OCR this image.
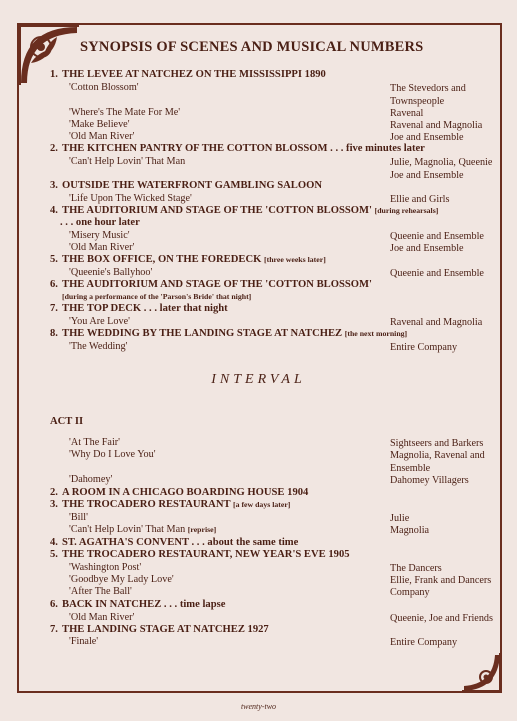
SYNOPSIS OF SCENES AND MUSICAL NUMBERS
1. THE LEVEE AT NATCHEZ ON THE MISSISSIPPI 1890
'Cotton Blossom'	The Stevedors and Townspeople
'Where's The Mate For Me'	Ravenal
'Make Believe'	Ravenal and Magnolia
'Old Man River'	Joe and Ensemble
2. THE KITCHEN PANTRY OF THE COTTON BLOSSOM . . . five minutes later
'Can't Help Lovin' That Man	Julie, Magnolia, Queenie Joe and Ensemble
3. OUTSIDE THE WATERFRONT GAMBLING SALOON
'Life Upon The Wicked Stage'	Ellie and Girls
4. THE AUDITORIUM AND STAGE OF THE 'COTTON BLOSSOM' [during rehearsals]
. . . one hour later
'Misery Music'	Queenie and Ensemble
'Old Man River'	Joe and Ensemble
5. THE BOX OFFICE, ON THE FOREDECK [three weeks later]
'Queenie's Ballyhoo'	Queenie and Ensemble
6. THE AUDITORIUM AND STAGE OF THE 'COTTON BLOSSOM'
[during a performance of the 'Parson's Bride' that night]
7. THE TOP DECK . . . later that night
'You Are Love'	Ravenal and Magnolia
8. THE WEDDING BY THE LANDING STAGE AT NATCHEZ [the next morning]
'The Wedding'	Entire Company
INTERVAL
ACT II
'At The Fair'	Sightseers and Barkers
'Why Do I Love You'	Magnolia, Ravenal and Ensemble
'Dahomey'	Dahomey Villagers
2. A ROOM IN A CHICAGO BOARDING HOUSE 1904
3. THE TROCADERO RESTAURANT [a few days later]
'Bill'	Julie
'Can't Help Lovin' That Man [reprise]	Magnolia
4. ST. AGATHA'S CONVENT . . . about the same time
5. THE TROCADERO RESTAURANT, NEW YEAR'S EVE 1905
'Washington Post'	The Dancers
'Goodbye My Lady Love'	Ellie, Frank and Dancers
'After The Ball'	Company
6. BACK IN NATCHEZ . . . time lapse
'Old Man River'	Queenie, Joe and Friends
7. THE LANDING STAGE AT NATCHEZ 1927
'Finale'	Entire Company
twenty-two
